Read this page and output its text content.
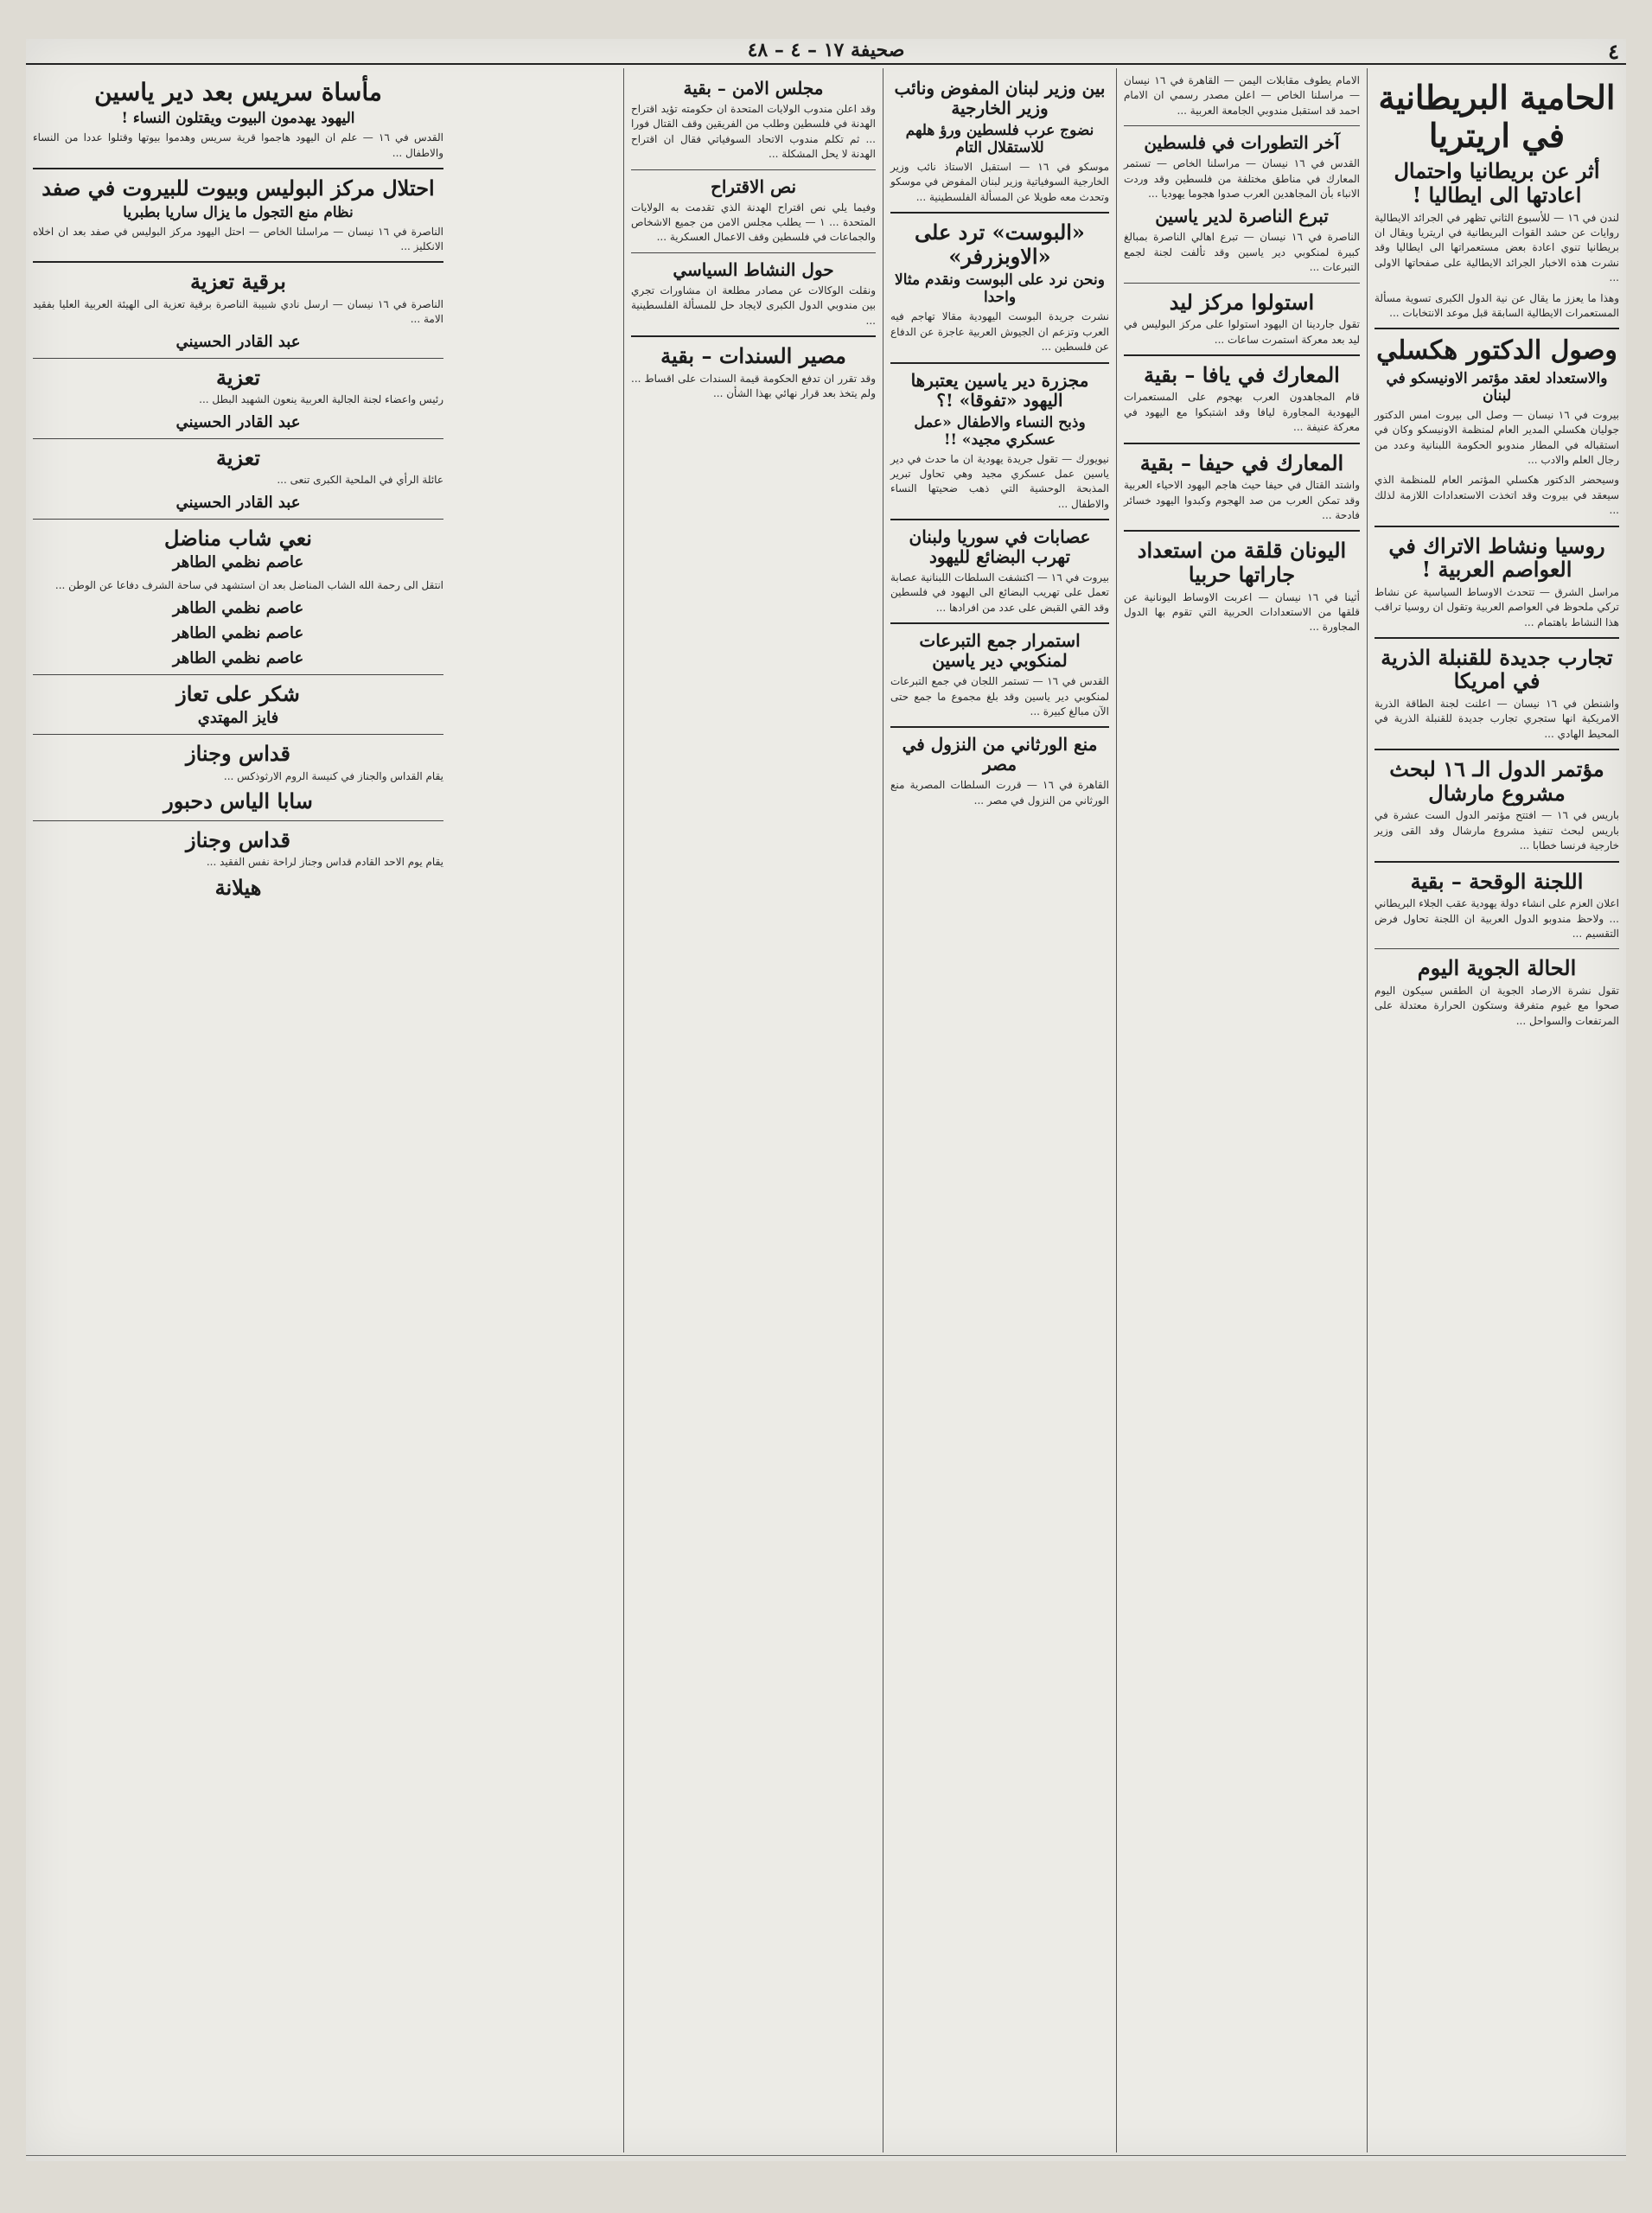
٤
صحيفة ١٧ – ٤ – ٤٨
الحامية البريطانية في اريتريا
أثر عن بريطانيا واحتمال اعادتها الى ايطاليا !
لندن في ١٦ — للأسبوع الثاني تظهر في الجرائد الايطالية روايات عن حشد القوات البريطانية في اريتريا ويقال ان بريطانيا تنوي اعادة بعض مستعمراتها الى ايطاليا وقد نشرت هذه الاخبار الجرائد الايطالية على صفحاتها الاولى ...
وهذا ما يعزز ما يقال عن نية الدول الكبرى تسوية مسألة المستعمرات الايطالية السابقة قبل موعد الانتخابات ...
وصول الدكتور هكسلي
والاستعداد لعقد مؤتمر الاونيسكو في لبنان
بيروت في ١٦ نيسان — وصل الى بيروت امس الدكتور جوليان هكسلي المدير العام لمنظمة الاونيسكو وكان في استقباله في المطار مندوبو الحكومة اللبنانية وعدد من رجال العلم والادب ...
وسيحضر الدكتور هكسلي المؤتمر العام للمنظمة الذي سيعقد في بيروت وقد اتخذت الاستعدادات اللازمة لذلك ...
روسيا ونشاط الاتراك في العواصم العربية !
مراسل الشرق — تتحدث الاوساط السياسية عن نشاط تركي ملحوظ في العواصم العربية وتقول ان روسيا تراقب هذا النشاط باهتمام ...
تجارب جديدة للقنبلة الذرية في امريكا
واشنطن في ١٦ نيسان — اعلنت لجنة الطاقة الذرية الامريكية انها ستجري تجارب جديدة للقنبلة الذرية في المحيط الهادي ...
مؤتمر الدول الـ ١٦ لبحث مشروع مارشال
باريس في ١٦ — افتتح مؤتمر الدول الست عشرة في باريس لبحث تنفيذ مشروع مارشال وقد القى وزير خارجية فرنسا خطابا ...
اللجنة الوقحة – بقية
اعلان العزم على انشاء دولة يهودية عقب الجلاء البريطاني ... ولاحظ مندوبو الدول العربية ان اللجنة تحاول فرض التقسيم ...
الحالة الجوية اليوم
تقول نشرة الارصاد الجوية ان الطقس سيكون اليوم صحوا مع غيوم متفرقة وستكون الحرارة معتدلة على المرتفعات والسواحل ...
الامام يطوف مقابلات اليمن — القاهرة في ١٦ نيسان — مراسلنا الخاص — اعلن مصدر رسمي ان الامام احمد قد استقبل مندوبي الجامعة العربية ...
آخر التطورات في فلسطين
القدس في ١٦ نيسان — مراسلنا الخاص — تستمر المعارك في مناطق مختلفة من فلسطين وقد وردت الانباء بأن المجاهدين العرب صدوا هجوما يهوديا ...
تبرع الناصرة لدير ياسين
الناصرة في ١٦ نيسان — تبرع اهالي الناصرة بمبالغ كبيرة لمنكوبي دير ياسين وقد تألفت لجنة لجمع التبرعات ...
استولوا مركز ليد
تقول جاردينا ان اليهود استولوا على مركز البوليس في ليد بعد معركة استمرت ساعات ...
المعارك في يافا – بقية
قام المجاهدون العرب بهجوم على المستعمرات اليهودية المجاورة ليافا وقد اشتبكوا مع اليهود في معركة عنيفة ...
المعارك في حيفا – بقية
واشتد القتال في حيفا حيث هاجم اليهود الاحياء العربية وقد تمكن العرب من صد الهجوم وكبدوا اليهود خسائر فادحة ...
اليونان قلقة من استعداد جاراتها حربيا
أثينا في ١٦ نيسان — اعربت الاوساط اليونانية عن قلقها من الاستعدادات الحربية التي تقوم بها الدول المجاورة ...
بين وزير لبنان المفوض ونائب وزير الخارجية
نضوج عرب فلسطين ورؤ هلهم للاستقلال التام
موسكو في ١٦ — استقبل الاستاذ نائب وزير الخارجية السوفياتية وزير لبنان المفوض في موسكو وتحدث معه طويلا عن المسألة الفلسطينية ...
«البوست» ترد على «الاوبزرفر»
ونحن نرد على البوست ونقدم مثالا واحدا
نشرت جريدة البوست اليهودية مقالا تهاجم فيه العرب وتزعم ان الجيوش العربية عاجزة عن الدفاع عن فلسطين ...
مجزرة دير ياسين يعتبرها اليهود «تفوقا» !؟
وذبح النساء والاطفال «عمل عسكري مجيد» !!
نيويورك — تقول جريدة يهودية ان ما حدث في دير ياسين عمل عسكري مجيد وهي تحاول تبرير المذبحة الوحشية التي ذهب ضحيتها النساء والاطفال ...
عصابات في سوريا ولبنان تهرب البضائع لليهود
بيروت في ١٦ — اكتشفت السلطات اللبنانية عصابة تعمل على تهريب البضائع الى اليهود في فلسطين وقد القي القبض على عدد من افرادها ...
استمرار جمع التبرعات لمنكوبي دير ياسين
القدس في ١٦ — تستمر اللجان في جمع التبرعات لمنكوبي دير ياسين وقد بلغ مجموع ما جمع حتى الآن مبالغ كبيرة ...
منع الورثاني من النزول في مصر
القاهرة في ١٦ — قررت السلطات المصرية منع الورثاني من النزول في مصر ...
مجلس الامن – بقية
وقد اعلن مندوب الولايات المتحدة ان حكومته تؤيد اقتراح الهدنة في فلسطين وطلب من الفريقين وقف القتال فورا ... ثم تكلم مندوب الاتحاد السوفياتي فقال ان اقتراح الهدنة لا يحل المشكلة ...
نص الاقتراح
وفيما يلي نص اقتراح الهدنة الذي تقدمت به الولايات المتحدة ... ١ — يطلب مجلس الامن من جميع الاشخاص والجماعات في فلسطين وقف الاعمال العسكرية ...
حول النشاط السياسي
ونقلت الوكالات عن مصادر مطلعة ان مشاورات تجري بين مندوبي الدول الكبرى لايجاد حل للمسألة الفلسطينية ...
مصير السندات – بقية
وقد تقرر ان تدفع الحكومة قيمة السندات على اقساط ... ولم يتخذ بعد قرار نهائي بهذا الشأن ...
مأساة سريس بعد دير ياسين
اليهود يهدمون البيوت ويقتلون النساء !
القدس في ١٦ — علم ان اليهود هاجموا قرية سريس وهدموا بيوتها وقتلوا عددا من النساء والاطفال ...
احتلال مركز البوليس وبيوت للبيروت في صفد
نظام منع التجول ما يزال ساريا بطبريا
الناصرة في ١٦ نيسان — مراسلنا الخاص — احتل اليهود مركز البوليس في صفد بعد ان اخلاه الانكليز ...
برقية تعزية
الناصرة في ١٦ نيسان — ارسل نادي شبيبة الناصرة برقية تعزية الى الهيئة العربية العليا بفقيد الامة ...
عبد القادر الحسيني
تعزية
رئيس واعضاء لجنة الجالية العربية ينعون الشهيد البطل ...
عبد القادر الحسيني
تعزية
عائلة الرأي في الملحية الكبرى تنعى ...
عبد القادر الحسيني
نعي شاب مناضل
عاصم نظمي الطاهر
انتقل الى رحمة الله الشاب المناضل بعد ان استشهد في ساحة الشرف دفاعا عن الوطن ...
عاصم نظمي الطاهر
عاصم نظمي الطاهر
عاصم نظمي الطاهر
شكر على تعاز
فايز المهتدي
قداس وجناز
يقام القداس والجناز في كنيسة الروم الارثوذكس ...
سابا الياس دحبور
قداس وجناز
يقام يوم الاحد القادم قداس وجناز لراحة نفس الفقيد ...
هيلانة
